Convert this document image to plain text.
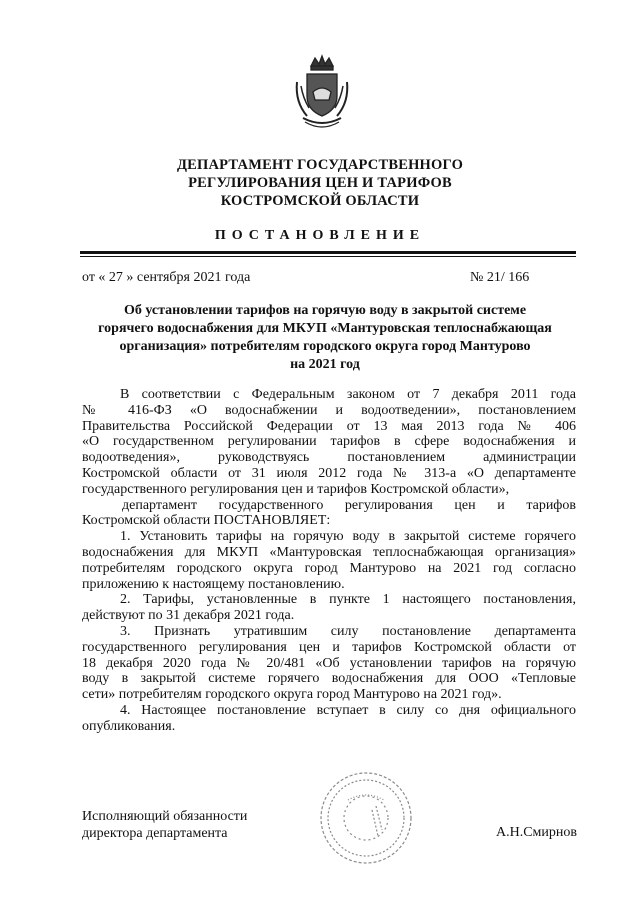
ДЕПАРТАМЕНТ ГОСУДАРСТВЕННОГО
РЕГУЛИРОВАНИЯ ЦЕН И ТАРИФОВ
КОСТРОМСКОЙ ОБЛАСТИ
ПОСТАНОВЛЕНИЕ
от « 27 » сентября 2021 года	№ 21/ 166
Об установлении тарифов на горячую воду в закрытой системе
горячего водоснабжения для МКУП «Мантуровская теплоснабжающая
организация» потребителям городского округа город Мантурово
на 2021 год
В соответствии с Федеральным законом от 7 декабря 2011 года
№ 416-ФЗ «О водоснабжении и водоотведении», постановлением
Правительства Российской Федерации от 13 мая 2013 года № 406
«О государственном регулировании тарифов в сфере водоснабжения и
водоотведения», руководствуясь постановлением администрации
Костромской области от 31 июля 2012 года № 313-а «О департаменте
государственного регулирования цен и тарифов Костромской области»,
департамент государственного регулирования цен и тарифов
Костромской области ПОСТАНОВЛЯЕТ:
1. Установить тарифы на горячую воду в закрытой системе горячего
водоснабжения для МКУП «Мантуровская теплоснабжающая организация»
потребителям городского округа город Мантурово на 2021 год согласно
приложению к настоящему постановлению.
2. Тарифы, установленные в пункте 1 настоящего постановления,
действуют по 31 декабря 2021 года.
3. Признать утратившим силу постановление департамента
государственного регулирования цен и тарифов Костромской области от
18 декабря 2020 года № 20/481 «Об установлении тарифов на горячую
воду в закрытой системе горячего водоснабжения для ООО «Тепловые
сети» потребителям городского округа город Мантурово на 2021 год».
4. Настоящее постановление вступает в силу со дня официального
опубликования.
Исполняющий обязанности
директора департамента	А.Н.Смирнов
